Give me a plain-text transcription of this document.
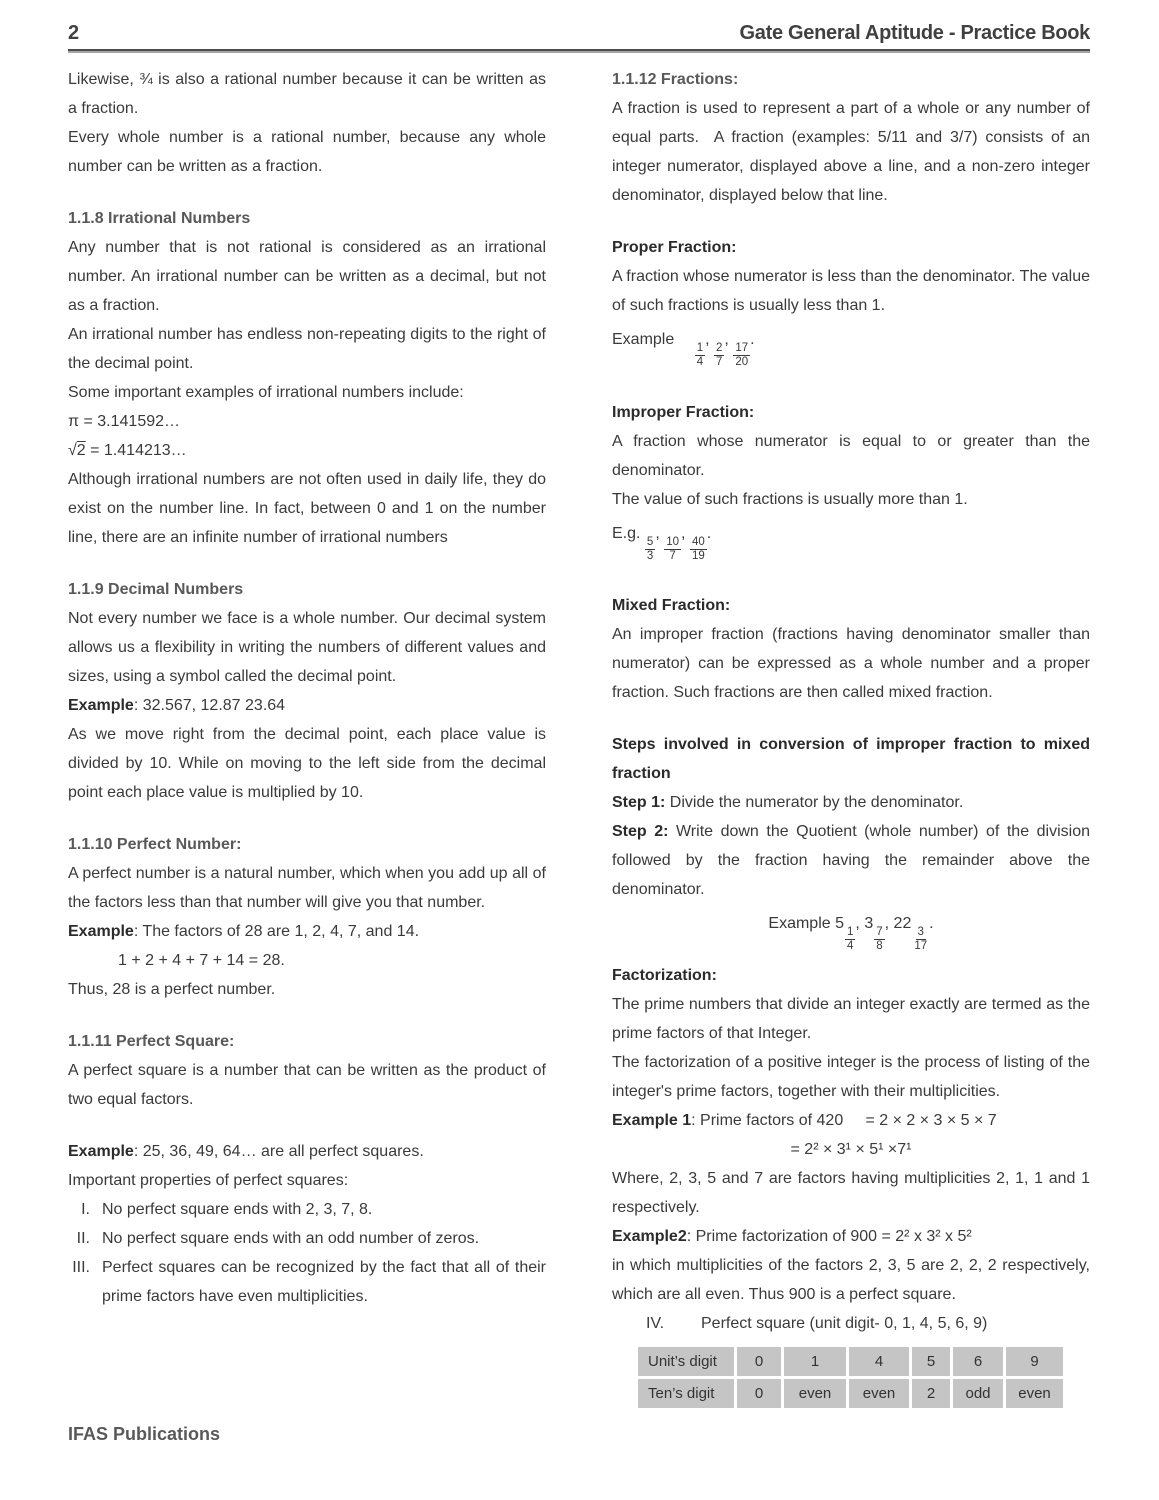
2	Gate General Aptitude - Practice Book

Likewise, ¾ is also a rational number because it can be written as a fraction.

Every whole number is a rational number, because any whole number can be written as a fraction.

1.1.8 Irrational Numbers

Any number that is not rational is considered as an irrational number. An irrational number can be written as a decimal, but not as a fraction.

An irrational number has endless non-repeating digits to the right of the decimal point.

Some important examples of irrational numbers include:

π = 3.141592…

√2 = 1.414213…

Although irrational numbers are not often used in daily life, they do exist on the number line. In fact, between 0 and 1 on the number line, there are an infinite number of irrational numbers

1.1.9 Decimal Numbers

Not every number we face is a whole number. Our decimal system allows us a flexibility in writing the numbers of different values and sizes, using a symbol called the decimal point.

Example: 32.567, 12.87 23.64

As we move right from the decimal point, each place value is divided by 10. While on moving to the left side from the decimal point each place value is multiplied by 10.

1.1.10 Perfect Number:

A perfect number is a natural number, which when you add up all of the factors less than that number will give you that number.

Example: The factors of 28 are 1, 2, 4, 7, and 14.

1 + 2 + 4 + 7 + 14 = 28.

Thus, 28 is a perfect number.

1.1.11 Perfect Square:

A perfect square is a number that can be written as the product of two equal factors.

Example: 25, 36, 49, 64… are all perfect squares.

Important properties of perfect squares:

I. No perfect square ends with 2, 3, 7, 8.
II. No perfect square ends with an odd number of zeros.
III. Perfect squares can be recognized by the fact that all of their prime factors have even multiplicities.

1.1.12 Fractions:

A fraction is used to represent a part of a whole or any number of equal parts.  A fraction (examples: 5/11 and 3/7) consists of an integer numerator, displayed above a line, and a non-zero integer denominator, displayed below that line.

Proper Fraction:

A fraction whose numerator is less than the denominator. The value of such fractions is usually less than 1.

Example
$\frac{1}{4}$
,
$\frac{2}{7}$
,
$\frac{17}{20}$
.

Improper Fraction:

A fraction whose numerator is equal to or greater than the denominator.

The value of such fractions is usually more than 1.

E.g.
$\frac{5}{3}$
,
$\frac{10}{7}$
,
$\frac{40}{19}$
.

Mixed Fraction:

An improper fraction (fractions having denominator smaller than numerator) can be expressed as a whole number and a proper fraction. Such fractions are then called mixed fraction.

Steps involved in conversion of improper fraction to mixed fraction

Step 1: Divide the numerator by the denominator.

Step 2: Write down the Quotient (whole number) of the division followed by the fraction having the remainder above the denominator.

Example 5
$\frac{1}{4}$
, 3
$\frac{7}{8}$
, 22
$\frac{3}{17}$
.

Factorization:

The prime numbers that divide an integer exactly are termed as the prime factors of that Integer.

The factorization of a positive integer is the process of listing of the integer's prime factors, together with their multiplicities.

Example 1: Prime factors of 420     = 2 × 2 × 3 × 5 × 7

= 2² × 3¹ × 5¹ ×7¹

Where, 2, 3, 5 and 7 are factors having multiplicities 2, 1, 1 and 1 respectively.

Example2: Prime factorization of 900 = 2² x 3² x 5²

in which multiplicities of the factors 2, 3, 5 are 2, 2, 2 respectively, which are all even. Thus 900 is a perfect square.

IV.	Perfect square (unit digit- 0, 1, 4, 5, 6, 9)
Unit’s digit	0	1	4	5	6	9
Ten’s digit	0	even	even	2	odd	even
IFAS Publications
